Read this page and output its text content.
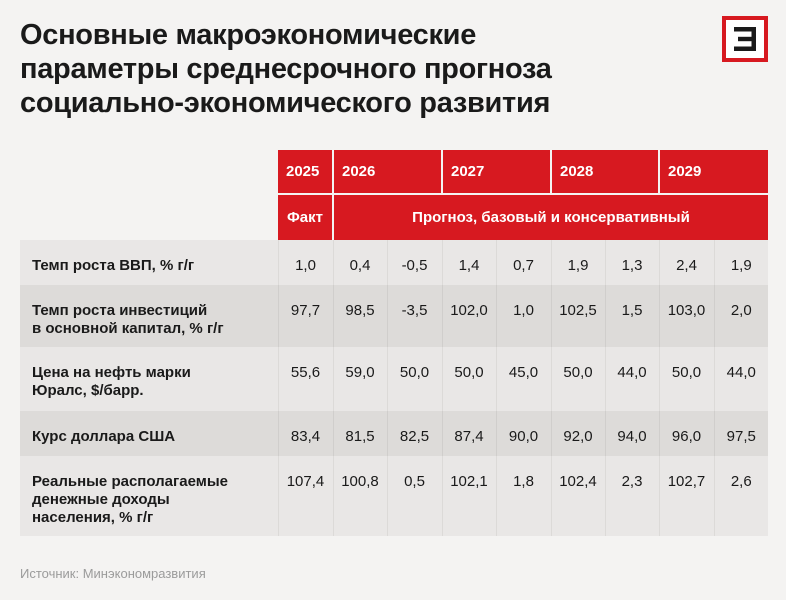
Основные макроэкономические
параметры среднесрочного прогноза
социально-экономического развития
	2025	2026		2027		2028		2029	
	Факт	Прогноз, базовый и консервативный							
Темп роста ВВП, % г/г	1,0	0,4	-0,5	1,4	0,7	1,9	1,3	2,4	1,9
Темп роста инвестиций
в основной капитал, % г/г	97,7	98,5	-3,5	102,0	1,0	102,5	1,5	103,0	2,0
Цена на нефть марки
Юралс, $/барр.	55,6	59,0	50,0	50,0	45,0	50,0	44,0	50,0	44,0
Курс доллара США	83,4	81,5	82,5	87,4	90,0	92,0	94,0	96,0	97,5
Реальные располагаемые
денежные доходы
населения, % г/г	107,4	100,8	0,5	102,1	1,8	102,4	2,3	102,7	2,6
Источник: Минэкономразвития
